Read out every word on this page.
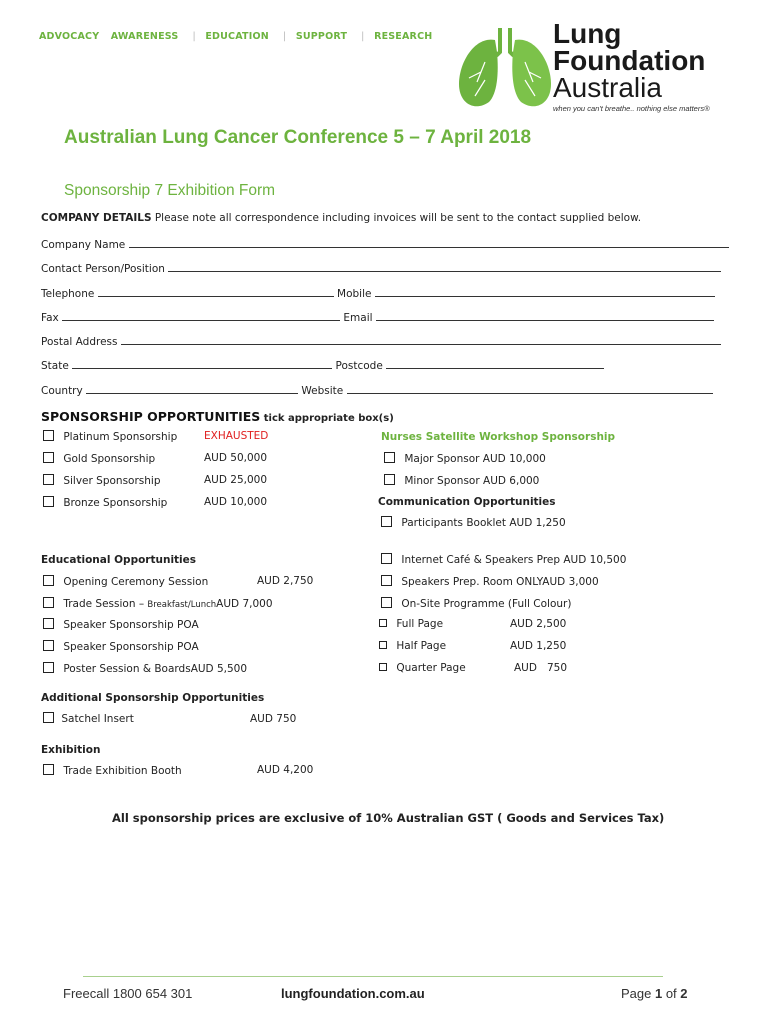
ADVOCACY AWARENESS | EDUCATION | SUPPORT | RESEARCH	Lung
Foundation
Australia
when you can't breathe.. nothing else matters®
Australian Lung Cancer Conference 5 – 7 April 2018
Sponsorship 7 Exhibition Form
COMPANY DETAILS Please note all correspondence including invoices will be sent to the contact supplied below.
Company Name
Contact Person/Position
Telephone	Mobile
Fax	Email
Postal Address
State	Postcode
Country	Website
SPONSORSHIP OPPORTUNITIES tick appropriate box(s)
Platinum Sponsorship	EXHAUSTED
Gold Sponsorship	AUD 50,000
Silver Sponsorship	AUD 25,000
Bronze Sponsorship	AUD 10,000
Nurses Satellite Workshop Sponsorship
Major Sponsor AUD 10,000
Minor Sponsor AUD 6,000
Communication Opportunities
Participants Booklet AUD 1,250
Internet Café & Speakers Prep AUD 10,500
Speakers Prep. Room ONLYAUD 3,000
On-Site Programme (Full Colour)
Full Page	AUD 2,500
Half Page	AUD 1,250
Quarter Page	AUD   750
Educational Opportunities
Opening Ceremony Session	AUD 2,750
Trade Session – Breakfast/LunchAUD 7,000
Speaker Sponsorship POA
Speaker Sponsorship POA
Poster Session & BoardsAUD 5,500
Additional Sponsorship Opportunities
Satchel Insert	AUD 750
Exhibition
Trade Exhibition Booth	AUD 4,200
All sponsorship prices are exclusive of 10% Australian GST ( Goods and Services Tax)
Freecall 1800 654 301	lungfoundation.com.au	Page 1 of 2
